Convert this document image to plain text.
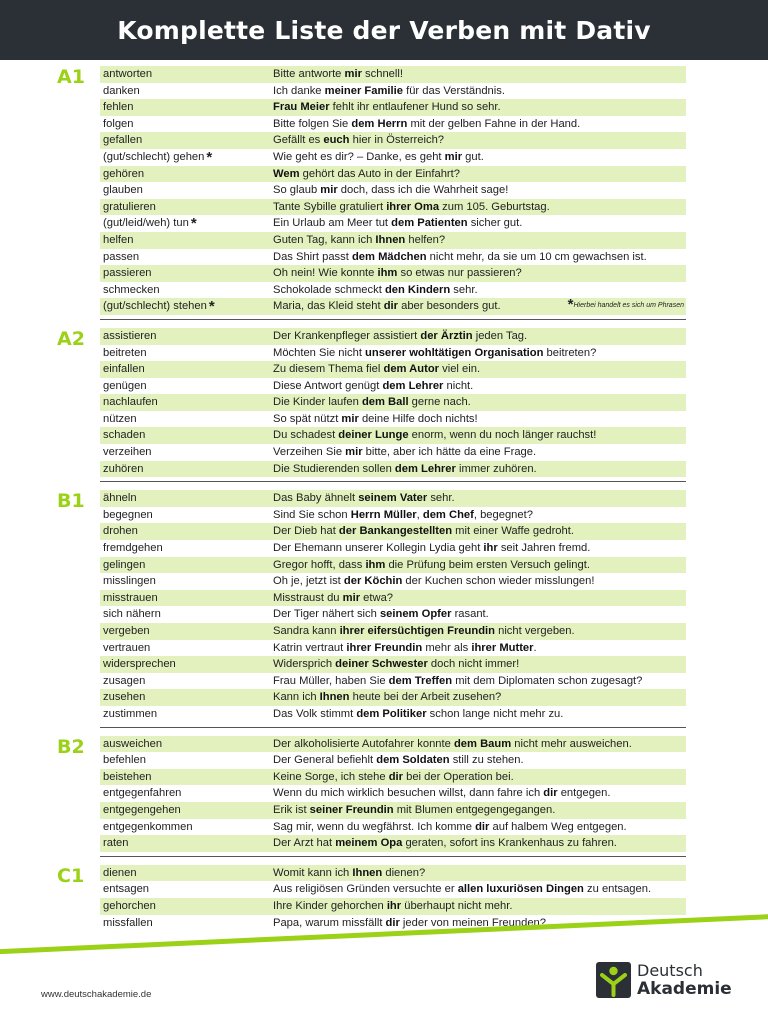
Komplette Liste der Verben mit Dativ
A1 antworten	Bitte antworte mir schnell!
danken	Ich danke meiner Familie für das Verständnis.
fehlen	Frau Meier fehlt ihr entlaufener Hund so sehr.
folgen	Bitte folgen Sie dem Herrn mit der gelben Fahne in der Hand.
gefallen	Gefällt es euch hier in Österreich?
(gut/schlecht) gehen *	Wie geht es dir? – Danke, es geht mir gut.
gehören	Wem gehört das Auto in der Einfahrt?
glauben	So glaub mir doch, dass ich die Wahrheit sage!
gratulieren	Tante Sybille gratuliert ihrer Oma zum 105. Geburtstag.
(gut/leid/weh) tun *	Ein Urlaub am Meer tut dem Patienten sicher gut.
helfen	Guten Tag, kann ich Ihnen helfen?
passen	Das Shirt passt dem Mädchen nicht mehr, da sie um 10 cm gewachsen ist.
passieren	Oh nein! Wie konnte ihm so etwas nur passieren?
schmecken	Schokolade schmeckt den Kindern sehr.
(gut/schlecht) stehen *	Maria, das Kleid steht dir aber besonders gut.	*Hierbei handelt es sich um Phrasen
A2 assistieren	Der Krankenpfleger assistiert der Ärztin jeden Tag.
beitreten	Möchten Sie nicht unserer wohltätigen Organisation beitreten?
einfallen	Zu diesem Thema fiel dem Autor viel ein.
genügen	Diese Antwort genügt dem Lehrer nicht.
nachlaufen	Die Kinder laufen dem Ball gerne nach.
nützen	So spät nützt mir deine Hilfe doch nichts!
schaden	Du schadest deiner Lunge enorm, wenn du noch länger rauchst!
verzeihen	Verzeihen Sie mir bitte, aber ich hätte da eine Frage.
zuhören	Die Studierenden sollen dem Lehrer immer zuhören.
B1 ähneln	Das Baby ähnelt seinem Vater sehr.
begegnen	Sind Sie schon Herrn Müller, dem Chef, begegnet?
drohen	Der Dieb hat der Bankangestellten mit einer Waffe gedroht.
fremdgehen	Der Ehemann unserer Kollegin Lydia geht ihr seit Jahren fremd.
gelingen	Gregor hofft, dass ihm die Prüfung beim ersten Versuch gelingt.
misslingen	Oh je, jetzt ist der Köchin der Kuchen schon wieder misslungen!
misstrauen	Misstraust du mir etwa?
sich nähern	Der Tiger nähert sich seinem Opfer rasant.
vergeben	Sandra kann ihrer eifersüchtigen Freundin nicht vergeben.
vertrauen	Katrin vertraut ihrer Freundin mehr als ihrer Mutter.
widersprechen	Widersprich deiner Schwester doch nicht immer!
zusagen	Frau Müller, haben Sie dem Treffen mit dem Diplomaten schon zugesagt?
zusehen	Kann ich Ihnen heute bei der Arbeit zusehen?
zustimmen	Das Volk stimmt dem Politiker schon lange nicht mehr zu.
B2 ausweichen	Der alkoholisierte Autofahrer konnte dem Baum nicht mehr ausweichen.
befehlen	Der General befiehlt dem Soldaten still zu stehen.
beistehen	Keine Sorge, ich stehe dir bei der Operation bei.
entgegenfahren	Wenn du mich wirklich besuchen willst, dann fahre ich dir entgegen.
entgegengehen	Erik ist seiner Freundin mit Blumen entgegengegangen.
entgegenkommen	Sag mir, wenn du wegfährst. Ich komme dir auf halbem Weg entgegen.
raten	Der Arzt hat meinem Opa geraten, sofort ins Krankenhaus zu fahren.
C1 dienen	Womit kann ich Ihnen dienen?
entsagen	Aus religiösen Gründen versuchte er allen luxuriösen Dingen zu entsagen.
gehorchen	Ihre Kinder gehorchen ihr überhaupt nicht mehr.
missfallen	Papa, warum missfällt dir jeder von meinen Freunden?
www.deutschakademie.de
Deutsch
Akademie
